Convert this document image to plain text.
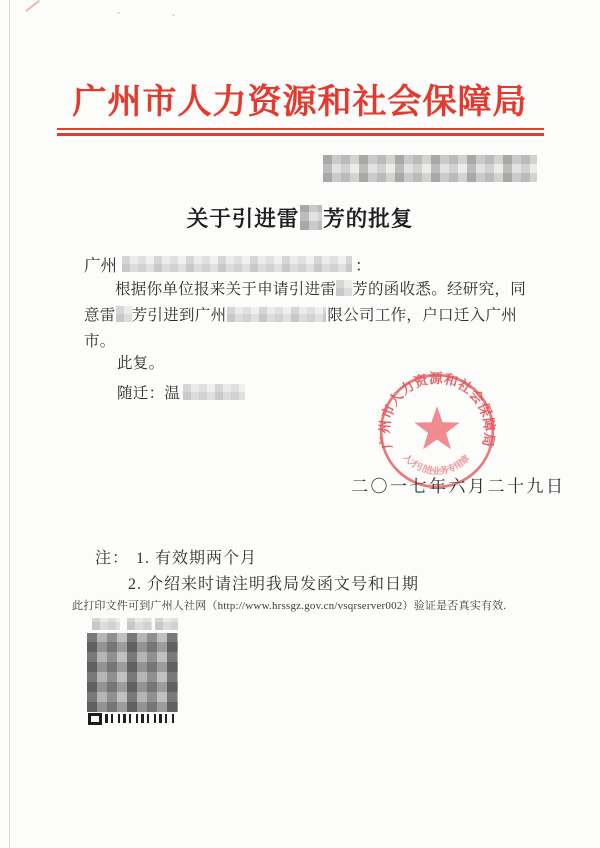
广州市人力资源和社会保障局
关于引进雷 芳的批复
广州	：
根据你单位报来关于申请引进雷 芳的函收悉。经研究，同
意雷 芳引进到广州	限公司工作，户口迁入广州
市。
此复。
随迁：温
广州市人力资源和社会保障局
人才引进业务专用章
二〇一七年六月二十九日
注： 1. 有效期两个月
2. 介绍来时请注明我局发函文号和日期
此打印文件可到广州人社网（http://www.hrssgz.gov.cn/vsqrserver002）验证是否真实有效.
